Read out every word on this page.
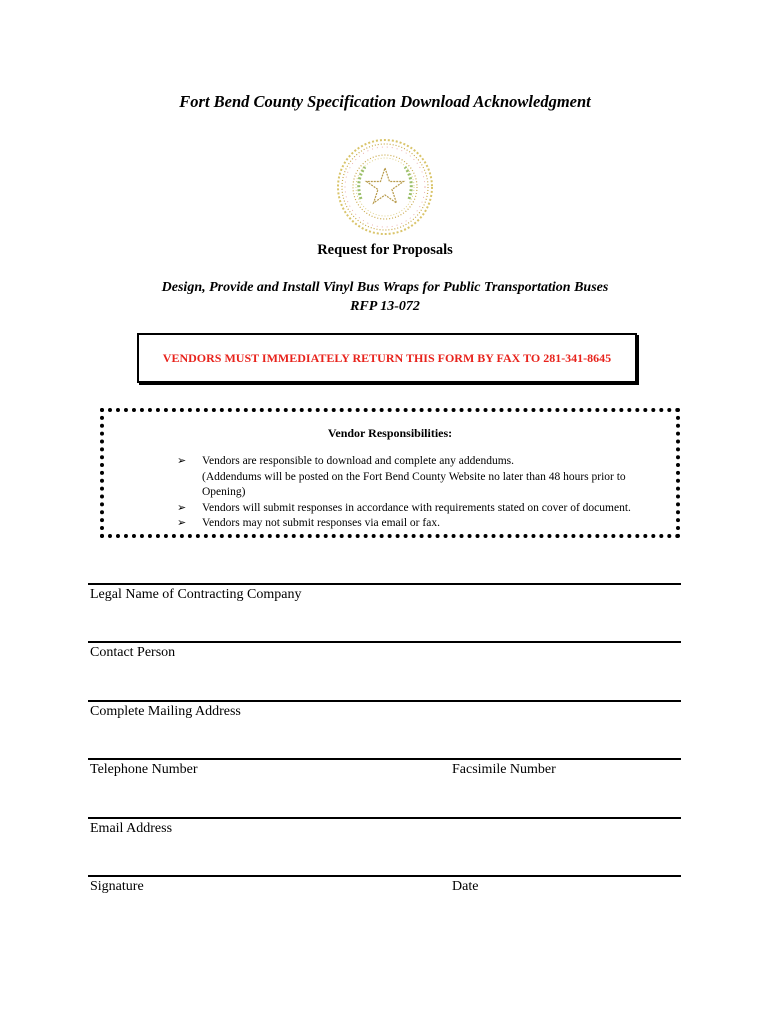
Fort Bend County Specification Download Acknowledgment
Request for Proposals
Design, Provide and Install Vinyl Bus Wraps for Public Transportation Buses
RFP 13-072
VENDORS MUST IMMEDIATELY RETURN THIS FORM BY FAX TO 281-341-8645
Vendor Responsibilities:
➢ Vendors are responsible to download and complete any addendums.
(Addendums will be posted on the Fort Bend County Website no later than 48 hours prior to
Opening)
➢ Vendors will submit responses in accordance with requirements stated on cover of document.
➢ Vendors may not submit responses via email or fax.
Legal Name of Contracting Company
Contact Person
Complete Mailing Address
Telephone Number	Facsimile Number
Email Address
Signature	Date
